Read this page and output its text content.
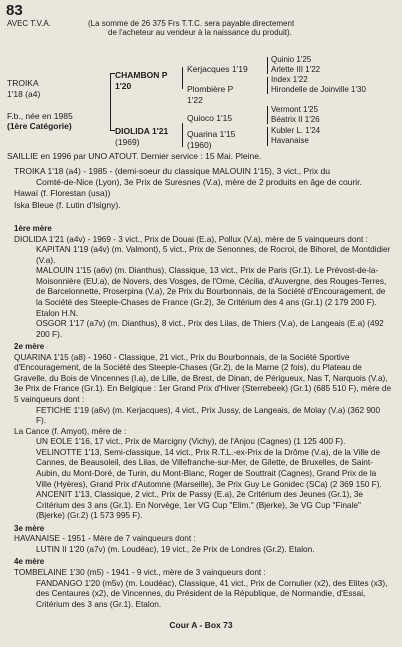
83
AVEC T.V.A.	(La somme de 26 375 Frs T.T.C. sera payable directement
de l'acheteur au vendeur à la naissance du produit).
TROIKA
1'18 (a4)
F.b., née en 1985
(1ère Catégorie)
CHAMBON P
1'20
DIOLIDA 1'21
(1969)
Kerjacques 1'19
Plombière P
1'22
Quioco 1'15
Quarina 1'15
(1960)
Quinio 1'25
Arlette III 1'22
Index 1'22
Hirondelle de Joinville 1'30
Vermont 1'25
Béatrix II 1'26
Kubler L. 1'24
Havanaise
SAILLIE en 1996 par UNO ATOUT. Dernier service : 15 Mai. Pleine.

TROIKA 1'18 (a4) - 1985 - (demi-soeur du classique MALOUIN 1'15), 3 vict., Prix du

Comté-de-Nice (Lyon), 3e Prix de Suresnes (V.a), mère de 2 produits en âge de courir.

Hawaï (f. Florestan (usa))

Iska Bleue (f. Lutin d'Isigny).

1ère mère

DIOLIDA 1'21 (a4v) - 1969 - 3 vict., Prix de Douai (E.a), Pollux (V.a), mère de 5 vainqueurs dont :

KAPITAN 1'19 (a4v) (m. Valmont), 5 vict., Prix de Senonnes, de Rocroi, de Bihorel, de Montdidier (V.a).

MALOUIN 1'15 (a6v) (m. Dianthus), Classique, 13 vict., Prix de Paris (Gr.1). Le Prévost-de-la-Moisonnière (EU.a), de Novers, des Vosges, de l'Orne, Cécilia, d'Auvergne, des Rouges-Terres, de Barcelonnette, Proserpina (V.a), 2e Prix du Bourbonnais, de la Société d'Encouragement, de la Société des Steeple-Chases de France (Gr.2), 3e Critérium des 4 ans (Gr.1) (2 179 200 F). Etalon H.N.

OSGOR 1'17 (a7v) (m. Dianthus), 8 vict., Prix des Lilas, de Thiers (V.a), de Langeais (E.a) (492 200 F).

2e mère

QUARINA 1'15 (a8) - 1960 - Classique, 21 vict., Prix du Bourbonnais, de la Société Sportive d'Encouragement, de la Société des Steeple-Chases (Gr.2), de la Marne (2 fois), du Plateau de Gravelle, du Bois de Vincennes (I.a), de Lille, de Brest, de Dinan, de Périgueux, Nas T, Narquois (V.a), 3e Prix de France (Gr.1). En Belgique : 1er Grand Prix d'Hiver (Sterrebeek) (Gr.1) (685 510 F), mère de 5 vainqueurs dont :

FETICHE 1'19 (a6v) (m. Kerjacques), 4 vict., Prix Jussy, de Langeais, de Molay (V.a) (362 900 F).

La Cance (f. Amyot), mère de :

UN EOLE 1'16, 17 vict., Prix de Marcigny (Vichy), de l'Anjou (Cagnes) (1 125 400 F).

VELINOTTE 1'13, Semi-classique, 14 vict., Prix R.T.L.-ex-Prix de la Drôme (V.a), de la Ville de Cannes, de Beausoleil, des Lilas, de Villefranche-sur-Mer, de Gilette, de Bruxelles, de Saint-Aubin, du Mont-Doré, de Turin, du Mont-Blanc, Roger de Souttrait (Cagnes), Grand Prix de la Ville (Hyères), Grand Prix d'Automne (Marseille), 3e Prix Guy Le Gonidec (SCa) (2 369 150 F).

ANCENIT 1'13, Classique, 2 vict., Prix de Passy (E.a), 2e Critérium des Jeunes (Gr.1), 3e Critérium des 3 ans (Gr.1). En Norvège, 1er VG Cup "Elim." (Bjerke), 3e VG Cup "Finale" (Bjerke) (Gr.2) (1 573 995 F).

3e mère

HAVANAISE - 1951 - Mère de 7 vainqueurs dont :

LUTIN II 1'20 (a7v) (m. Loudéac), 19 vict., 2e Prix de Londres (Gr.2). Etalon.

4e mère

TOMBELAINE 1'30 (m5) - 1941 - 9 vict., mère de 3 vainqueurs dont :

FANDANGO 1'20 (m5v) (m. Loudéac), Classique, 41 vict., Prix de Cornulier (x2), des Elites (x3), des Centaures (x2), de Vincennes, du Président de la République, de Normandie, d'Essai, Critérium des 3 ans (Gr.1). Etalon.

Cour A - Box 73
